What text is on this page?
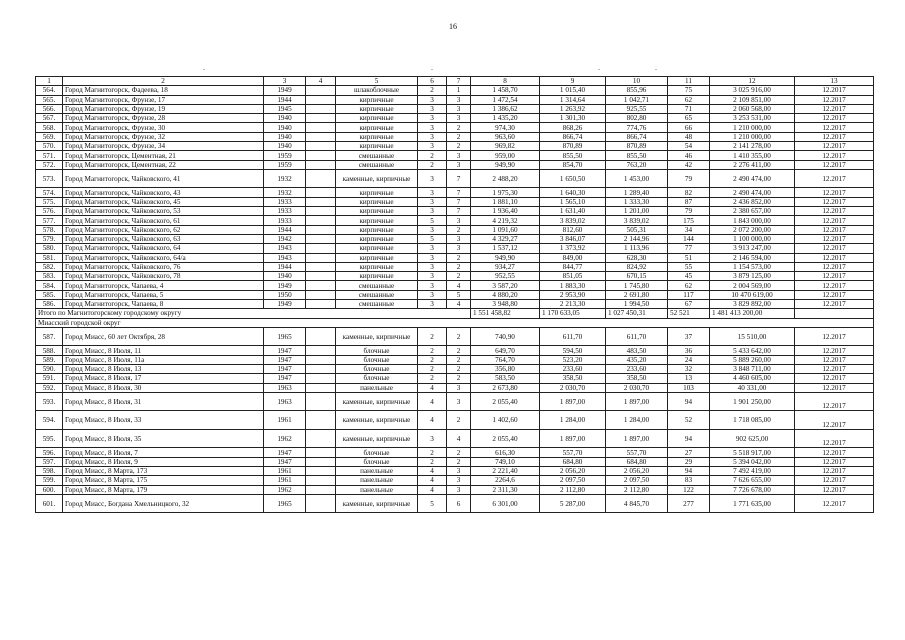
16
-	-	-	-
1	2	3	4	5	6	7	8	9	10	11	12	13
564.	Город Магнитогорск, Фадеева, 18	1949		шлакоблочные	2	1	1 458,70	1 015,40	855,96	75	3 025 916,00	12.2017
565.	Город Магнитогорск, Фрунзе, 17	1944		кирпичные	3	3	1 472,54	1 314,64	1 042,71	62	2 109 851,00	12.2017
566.	Город Магнитогорск, Фрунзе, 19	1945		кирпичные	3	3	1 386,62	1 263,92	925,55	71	2 060 568,00	12.2017
567.	Город Магнитогорск, Фрунзе, 28	1940		кирпичные	3	3	1 435,20	1 301,30	802,80	65	3 253 531,00	12.2017
568.	Город Магнитогорск, Фрунзе, 30	1940		кирпичные	3	2	974,30	868,26	774,76	66	1 210 000,00	12.2017
569.	Город Магнитогорск, Фрунзе, 32	1940		кирпичные	3	2	963,60	866,74	866,74	48	1 210 000,00	12.2017
570.	Город Магнитогорск, Фрунзе, 34	1940		кирпичные	3	2	969,82	870,89	870,89	54	2 141 278,00	12.2017
571.	Город Магнитогорск, Цементная, 21	1959		смешанные	2	3	959,00	855,50	855,50	46	1 410 355,00	12.2017
572.	Город Магнитогорск, Цементная, 22	1959		смешанные	2	3	949,90	854,70	763,20	42	2 276 411,00	12.2017
573.	Город Магнитогорск, Чайковского, 41	1932		каменные, кирпичные	3	7	2 488,20	1 650,50	1 453,00	79	2 490 474,00	12.2017
574.	Город Магнитогорск, Чайковского, 43	1932		кирпичные	3	7	1 975,30	1 640,30	1 289,40	82	2 490 474,00	12.2017
575.	Город Магнитогорск, Чайковского, 45	1933		кирпичные	3	7	1 881,10	1 565,10	1 333,30	87	2 436 852,00	12.2017
576.	Город Магнитогорск, Чайковского, 53	1933		кирпичные	3	7	1 936,40	1 631,40	1 201,00	79	2 380 657,00	12.2017
577.	Город Магнитогорск, Чайковского, 61	1933		кирпичные	5	3	4 219,32	3 839,02	3 839,02	175	1 843 000,00	12.2017
578.	Город Магнитогорск, Чайковского, 62	1944		кирпичные	3	2	1 091,60	812,60	505,31	34	2 072 200,00	12.2017
579.	Город Магнитогорск, Чайковского, 63	1942		кирпичные	5	3	4 329,27	3 846,07	2 144,96	144	1 100 000,00	12.2017
580.	Город Магнитогорск, Чайковского, 64	1943		кирпичные	3	3	1 537,12	1 373,92	1 113,96	77	3 913 247,00	12.2017
581.	Город Магнитогорск, Чайковского, 64/а	1943		кирпичные	3	2	949,90	849,00	628,30	51	2 146 594,00	12.2017
582.	Город Магнитогорск, Чайковского, 76	1944		кирпичные	3	2	934,27	844,77	824,92	55	1 154 573,00	12.2017
583.	Город Магнитогорск, Чайковского, 78	1940		кирпичные	3	2	952,55	851,05	670,15	45	3 879 125,00	12.2017
584.	Город Магнитогорск, Чапаева, 4	1949		смешанные	3	4	3 587,20	1 883,30	1 745,80	62	2 004 569,00	12.2017
585.	Город Магнитогорск, Чапаева, 5	1950		смешанные	3	5	4 880,20	2 953,90	2 691,80	117	10 470 619,00	12.2017
586.	Город Магнитогорск, Чапаева, 8	1949		смешанные	3	4	3 948,80	2 213,30	1 994,50	67	3 829 892,00	12.2017
Итого по Магнитогорскому городскому округу							1 551 458,82	1 170 633,05	1 027 450,31	52 521	1 481 413 200,00	
Миасский городской округ												
587.	Город Миасс, 60 лет Октября, 28	1965		каменные, кирпичные	2	2	740,90	611,70	611,70	37	15 510,00	12.2017
588.	Город Миасс, 8 Июля, 11	1947		блочные	2	2	649,70	594,50	483,50	36	5 433 642,00	12.2017
589.	Город Миасс, 8 Июля, 11а	1947		блочные	2	2	764,70	523,20	435,20	24	5 889 260,00	12.2017
590.	Город Миасс, 8 Июля, 13	1947		блочные	2	2	356,80	233,60	233,60	32	3 848 711,00	12.2017
591.	Город Миасс, 8 Июля, 17	1947		блочные	2	2	583,50	358,50	358,50	13	4 460 605,00	12.2017
592.	Город Миасс, 8 Июля, 30	1963		панельные	4	3	2 673,80	2 030,70	2 030,70	103	40 331,00	12.2017
593.	Город Миасс, 8 Июля, 31	1963		каменные, кирпичные	4	3	2 055,40	1 897,00	1 897,00	94	1 901 250,00	12.2017
594.	Город Миасс, 8 Июля, 33	1961		каменные, кирпичные	4	2	1 402,60	1 284,00	1 284,00	52	1 718 085,00	12.2017
595.	Город Миасс, 8 Июля, 35	1962		каменные, кирпичные	3	4	2 055,40	1 897,00	1 897,00	94	902 625,00	12.2017
596.	Город Миасс, 8 Июля, 7	1947		блочные	2	2	616,30	557,70	557,70	27	5 518 917,00	12.2017
597.	Город Миасс, 8 Июля, 9	1947		блочные	2	2	749,10	684,80	684,80	29	5 394 042,00	12.2017
598.	Город Миасс, 8 Марта, 173	1961		панельные	4	3	2 221,40	2 056,20	2 056,20	94	7 492 419,00	12.2017
599.	Город Миасс, 8 Марта, 175	1961		панельные	4	3	2264,6	2 097,50	2 097,50	83	7 626 655,00	12.2017
600.	Город Миасс, 8 Марта, 179	1962		панельные	4	3	2 311,30	2 112,80	2 112,80	122	7 726 678,00	12.2017
601.	Город Миасс, Богдана Хмельницкого, 32	1965		каменные, кирпичные	5	6	6 301,00	5 287,00	4 845,70	277	1 771 635,00	12.2017
